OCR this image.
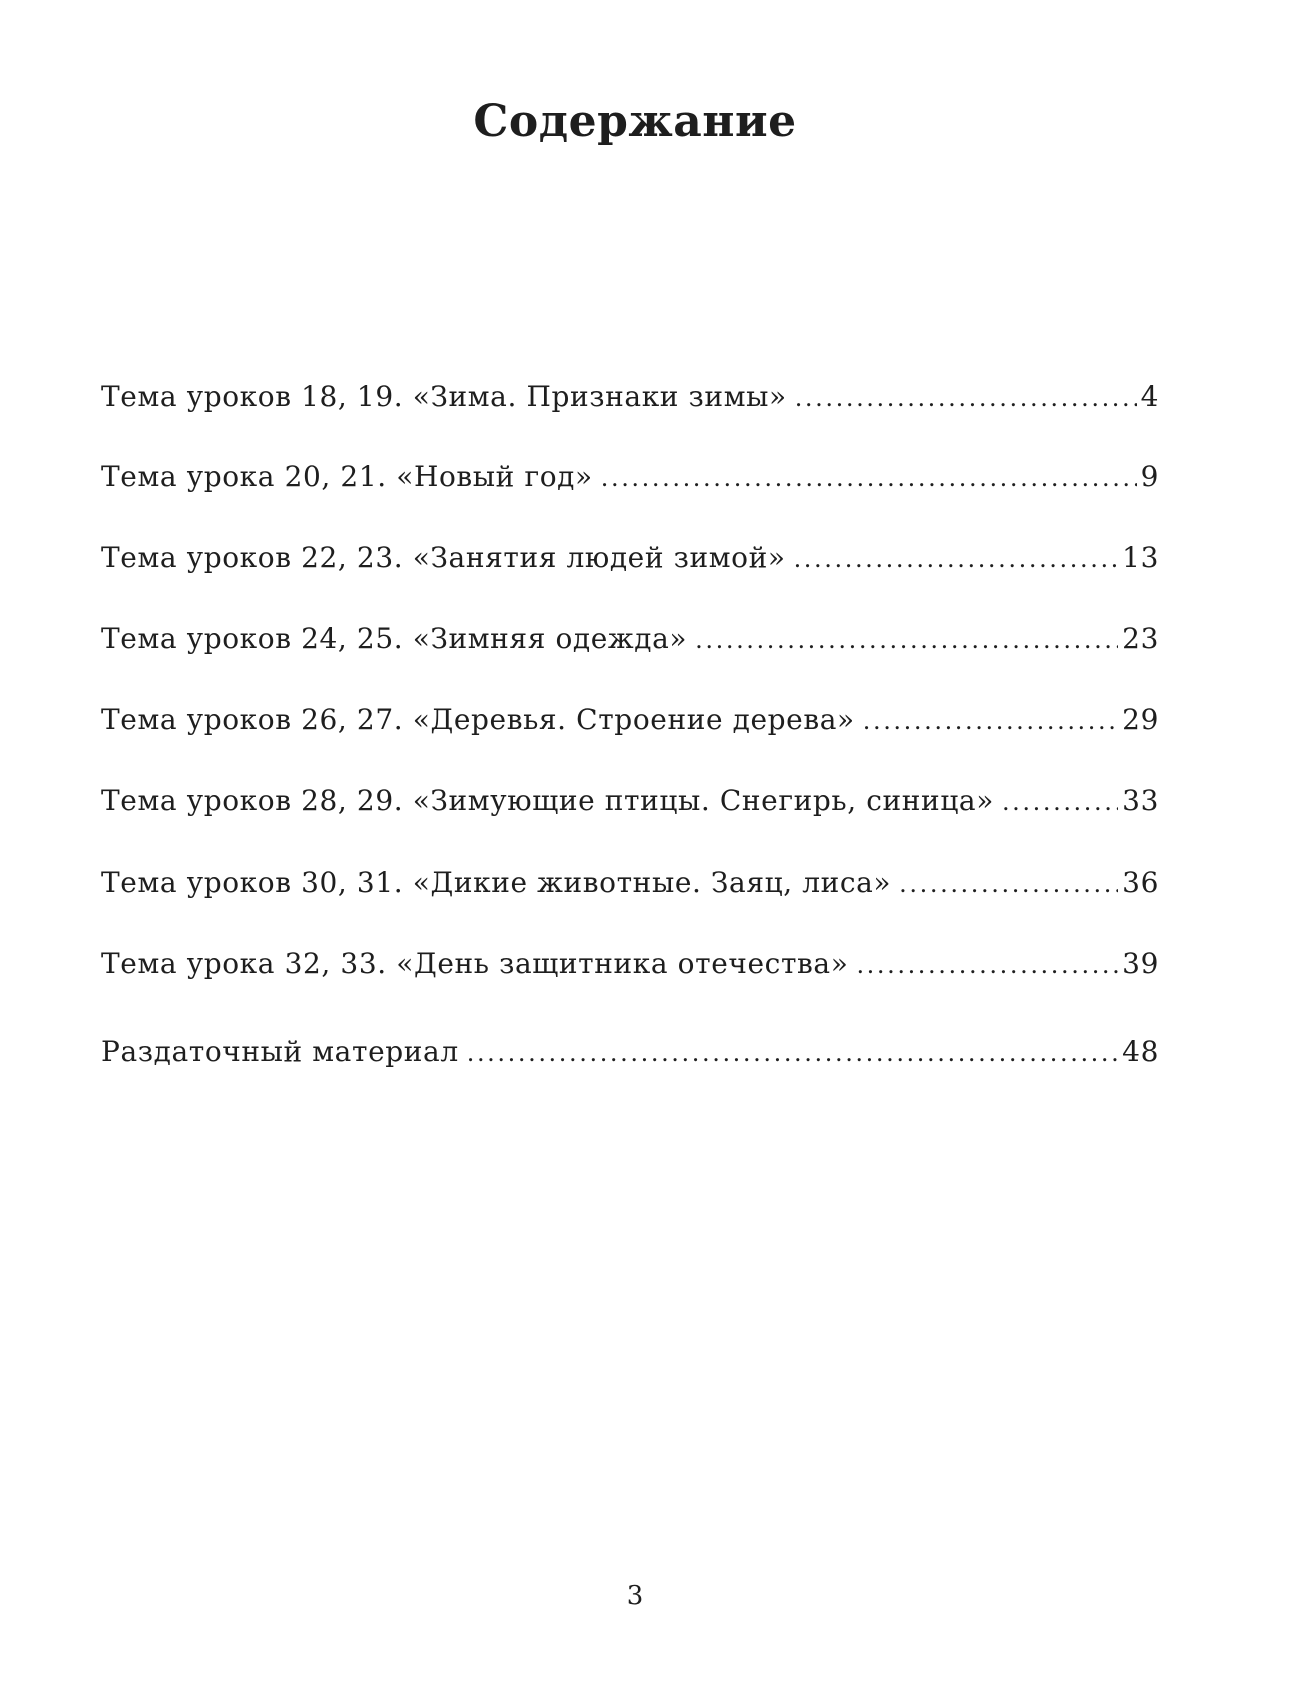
Содержание
Тема уроков 18, 19. «Зима. Признаки зимы» .....	4
Тема урока 20, 21. «Новый год» .....	9
Тема уроков 22, 23. «Занятия людей зимой» .....	13
Тема уроков 24, 25. «Зимняя одежда» .....	23
Тема уроков 26, 27. «Деревья. Строение дерева» .....	29
Тема уроков 28, 29. «Зимующие птицы. Снегирь, синица» .....	33
Тема уроков 30, 31. «Дикие животные. Заяц, лиса» .....	36
Тема урока 32, 33. «День защитника отечества» .....	39
Раздаточный материал .....	48
3
